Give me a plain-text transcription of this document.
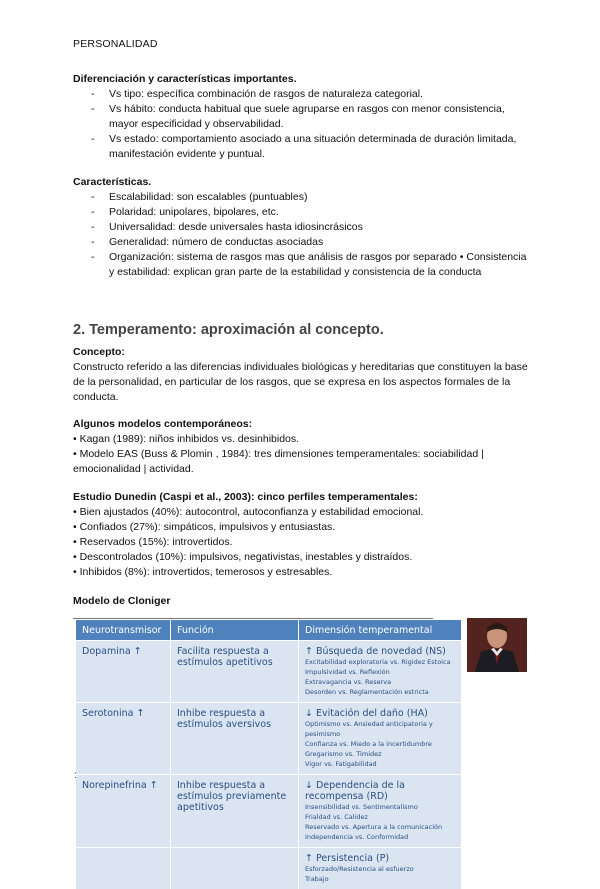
PERSONALIDAD
Diferenciación y características importantes.
- Vs tipo: específica combinación de rasgos de naturaleza categorial.
- Vs hábito: conducta habitual que suele agruparse en rasgos con menor consistencia, mayor especificidad y observabilidad.
- Vs estado: comportamiento asociado a una situación determinada de duración limitada, manifestación evidente y puntual.
Características.
- Escalabilidad: son escalables (puntuables)
- Polaridad: unipolares, bipolares, etc.
- Universalidad: desde universales hasta idiosincrásicos
- Generalidad: número de conductas asociadas
- Organización: sistema de rasgos mas que análisis de rasgos por separado • Consistencia y estabilidad: explican gran parte de la estabilidad y consistencia de la conducta
2. Temperamento: aproximación al concepto.
Concepto:

Constructo referido a las diferencias individuales biológicas y hereditarias que constituyen la base de la personalidad, en particular de los rasgos, que se expresa en los aspectos formales de la conducta.

Algunos modelos contemporáneos:

• Kagan (1989): niños inhibidos vs. desinhibidos.

• Modelo EAS (Buss & Plomin , 1984): tres dimensiones temperamentales: sociabilidad | emocionalidad | actividad.

Estudio Dunedin (Caspi et al., 2003): cinco perfiles temperamentales:

• Bien ajustados (40%): autocontrol, autoconfianza y estabilidad emocional.

• Confiados (27%): simpáticos, impulsivos y entusiastas.

• Reservados (15%): introvertidos.

• Descontrolados (10%): impulsivos, negativistas, inestables y distraídos.

• Inhibidos (8%): introvertidos, temerosos y estresables.

Modelo de Cloniger
Neurotransmisor	Función	Dimensión temperamental
Dopamina ↑	Facilita respuesta a estímulos apetitivos	↑ Búsqueda de novedad (NS)
Excitabilidad exploratoria vs. Rigidez Estoica
Impulsividad vs. Reflexión
Extravagancia vs. Reserva
Desorden vs. Reglamentación estricta

Serotonina ↑	Inhibe respuesta a estímulos aversivos	↓ Evitación del daño (HA)
Optimismo vs. Ansiedad anticipatoria y pesimismo
Confianza vs. Miedo a la incertidumbre
Gregarismo vs. Timidez
Vigor vs. Fatigabilidad

Norepinefrina ↑	Inhibe respuesta a estímulos previamente apetitivos	↓ Dependencia de la recompensa (RD)
Insensibilidad vs. Sentimentalismo
Frialdad vs. Calidez
Reservado vs. Apertura a la comunicación
Independencia vs. Conformidad

		↑ Persistencia (P)
Esforzado/Resistencia al esfuerzo
Trabajo
:
